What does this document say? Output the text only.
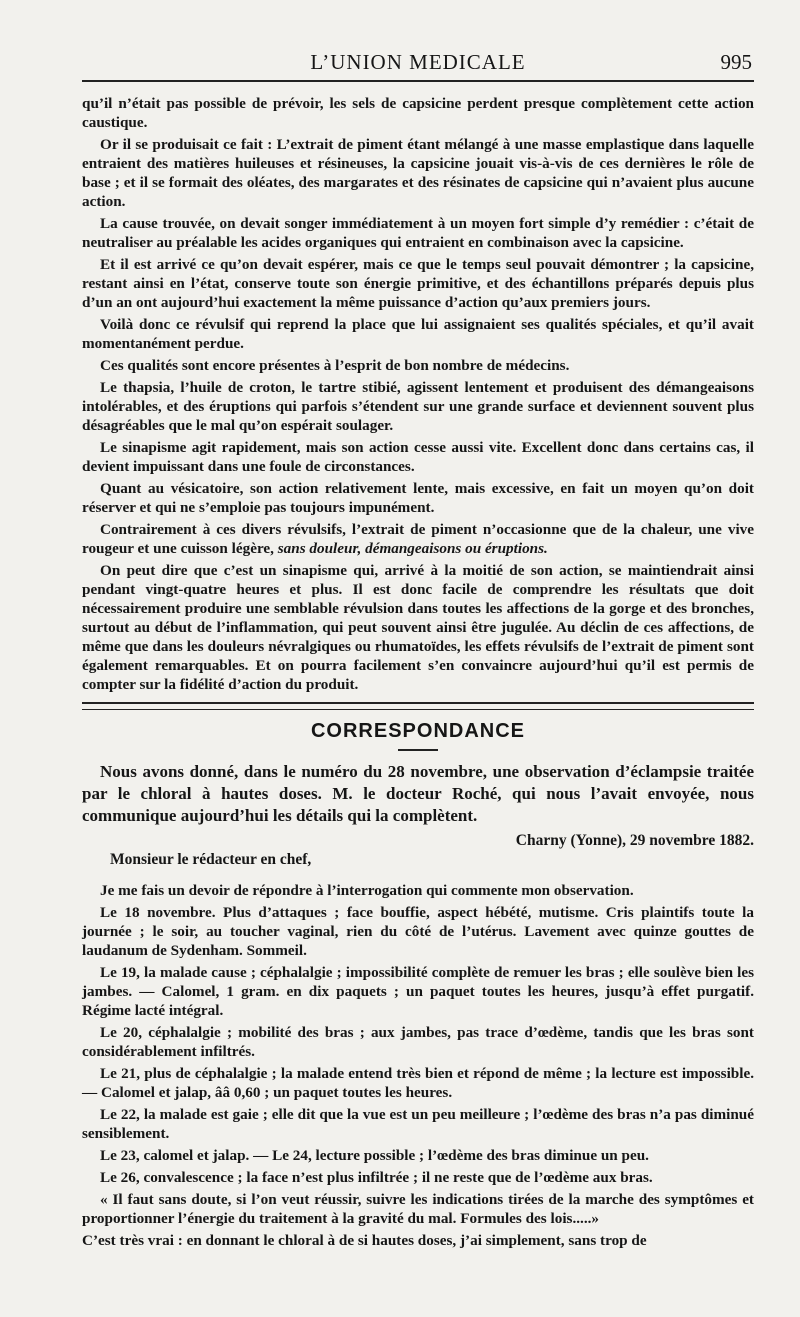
L’UNION MEDICALE	995

qu’il n’était pas possible de prévoir, les sels de capsicine perdent presque complètement cette action caustique.

Or il se produisait ce fait : L’extrait de piment étant mélangé à une masse emplastique dans laquelle entraient des matières huileuses et résineuses, la capsicine jouait vis-à-vis de ces dernières le rôle de base ; et il se formait des oléates, des margarates et des résinates de capsicine qui n’avaient plus aucune action.

La cause trouvée, on devait songer immédiatement à un moyen fort simple d’y remédier : c’était de neutraliser au préalable les acides organiques qui entraient en combinaison avec la capsicine.

Et il est arrivé ce qu’on devait espérer, mais ce que le temps seul pouvait démontrer ; la capsicine, restant ainsi en l’état, conserve toute son énergie primitive, et des échantillons préparés depuis plus d’un an ont aujourd’hui exactement la même puissance d’action qu’aux premiers jours.

Voilà donc ce révulsif qui reprend la place que lui assignaient ses qualités spéciales, et qu’il avait momentanément perdue.

Ces qualités sont encore présentes à l’esprit de bon nombre de médecins.

Le thapsia, l’huile de croton, le tartre stibié, agissent lentement et produisent des démangeaisons intolérables, et des éruptions qui parfois s’étendent sur une grande surface et deviennent souvent plus désagréables que le mal qu’on espérait soulager.

Le sinapisme agit rapidement, mais son action cesse aussi vite. Excellent donc dans certains cas, il devient impuissant dans une foule de circonstances.

Quant au vésicatoire, son action relativement lente, mais excessive, en fait un moyen qu’on doit réserver et qui ne s’emploie pas toujours impunément.

Contrairement à ces divers révulsifs, l’extrait de piment n’occasionne que de la chaleur, une vive rougeur et une cuisson légère, sans douleur, démangeaisons ou éruptions.

On peut dire que c’est un sinapisme qui, arrivé à la moitié de son action, se maintiendrait ainsi pendant vingt-quatre heures et plus. Il est donc facile de comprendre les résultats que doit nécessairement produire une semblable révulsion dans toutes les affections de la gorge et des bronches, surtout au début de l’inflammation, qui peut souvent ainsi être jugulée. Au déclin de ces affections, de même que dans les douleurs névralgiques ou rhumatoïdes, les effets révulsifs de l’extrait de piment sont également remarquables. Et on pourra facilement s’en convaincre aujourd’hui qu’il est permis de compter sur la fidélité d’action du produit.

CORRESPONDANCE

Nous avons donné, dans le numéro du 28 novembre, une observation d’éclampsie traitée par le chloral à hautes doses. M. le docteur Roché, qui nous l’avait envoyée, nous communique aujourd’hui les détails qui la complètent.

Charny (Yonne), 29 novembre 1882.
Monsieur le rédacteur en chef,

Je me fais un devoir de répondre à l’interrogation qui commente mon observation.

Le 18 novembre. Plus d’attaques ; face bouffie, aspect hébété, mutisme. Cris plaintifs toute la journée ; le soir, au toucher vaginal, rien du côté de l’utérus. Lavement avec quinze gouttes de laudanum de Sydenham. Sommeil.

Le 19, la malade cause ; céphalalgie ; impossibilité complète de remuer les bras ; elle soulève bien les jambes. — Calomel, 1 gram. en dix paquets ; un paquet toutes les heures, jusqu’à effet purgatif. Régime lacté intégral.

Le 20, céphalalgie ; mobilité des bras ; aux jambes, pas trace d’œdème, tandis que les bras sont considérablement infiltrés.

Le 21, plus de céphalalgie ; la malade entend très bien et répond de même ; la lecture est impossible. — Calomel et jalap, ââ 0,60 ; un paquet toutes les heures.

Le 22, la malade est gaie ; elle dit que la vue est un peu meilleure ; l’œdème des bras n’a pas diminué sensiblement.

Le 23, calomel et jalap. — Le 24, lecture possible ; l’œdème des bras diminue un peu.

Le 26, convalescence ; la face n’est plus infiltrée ; il ne reste que de l’œdème aux bras.

« Il faut sans doute, si l’on veut réussir, suivre les indications tirées de la marche des symptômes et proportionner l’énergie du traitement à la gravité du mal. Formules des lois.....»

C’est très vrai : en donnant le chloral à de si hautes doses, j’ai simplement, sans trop de
